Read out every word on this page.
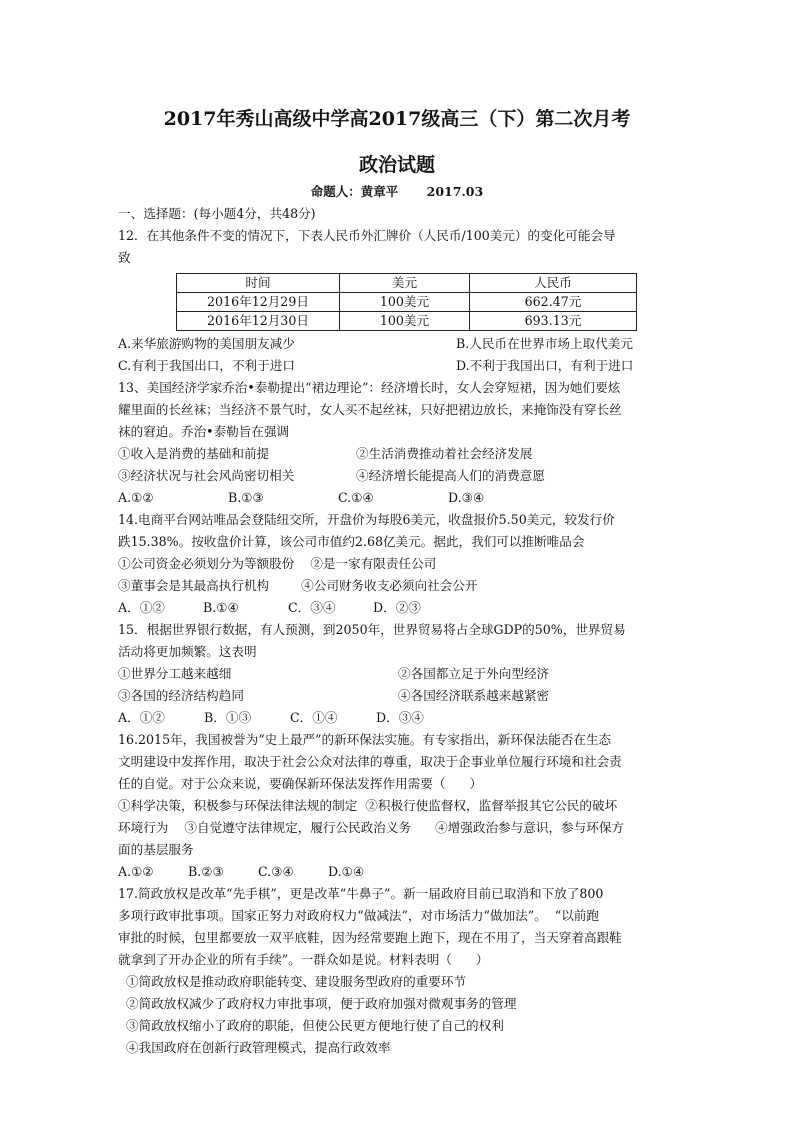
2017年秀山高级中学高2017级高三（下）第二次月考
政治试题
命题人：黄章平 2017.03
一、选择题：(每小题4分，共48分)
12．在其他条件不变的情况下，下表人民币外汇牌价（人民币/100美元）的变化可能会导
致
时间	美元	人民币
2016年12月29日	100美元	662.47元
2016年12月30日	100美元	693.13元
A.来华旅游购物的美国朋友减少	B.人民币在世界市场上取代美元
C.有利于我国出口，不利于进口	D.不利于我国出口，有利于进口
13、美国经济学家乔治•泰勒提出“裙边理论”：经济增长时，女人会穿短裙，因为她们要炫
耀里面的长丝袜；当经济不景气时，女人买不起丝袜，只好把裙边放长，来掩饰没有穿长丝
袜的窘迫。乔治•泰勒旨在强调
①收入是消费的基础和前提	②生活消费推动着社会经济发展
③经济状况与社会风尚密切相关	④经济增长能提高人们的消费意愿
A.①②	B.①③	C.①④	D.③④
14.电商平台网站唯品会登陆纽交所，开盘价为每股6美元，收盘报价5.50美元，较发行价
跌15.38%。按收盘价计算，该公司市值约2.68亿美元。据此，我们可以推断唯品会
①公司资金必须划分为等额股份    ②是一家有限责任公司
③董事会是其最高执行机构        ④公司财务收支必须向社会公开
A．①②	B.①④	C．③④	D．②③
15．根据世界银行数据，有人预测，到2050年，世界贸易将占全球GDP的50%，世界贸易
活动将更加频繁。这表明
①世界分工越来越细	②各国都立足于外向型经济
③各国的经济结构趋同	④各国经济联系越来越紧密
A．①②	B．①③	C．①④	D．③④
16.2015年，我国被誉为“史上最严”的新环保法实施。有专家指出，新环保法能否在生态
文明建设中发挥作用，取决于社会公众对法律的尊重，取决于企事业单位履行环境和社会责
任的自觉。对于公众来说，要确保新环保法发挥作用需要（      ）
①科学决策，积极参与环保法律法规的制定  ②积极行使监督权，监督举报其它公民的破坏
环境行为    ③自觉遵守法律规定，履行公民政治义务      ④增强政治参与意识，参与环保方
面的基层服务
A.①②	B.②③	C.③④	D.①④
17.简政放权是改革“先手棋”，更是改革“牛鼻子”。新一届政府目前已取消和下放了800
多项行政审批事项。国家正努力对政府权力“做减法”，对市场活力“做加法”。  “以前跑
审批的时候，包里都要放一双平底鞋，因为经常要跑上跑下，现在不用了，当天穿着高跟鞋
就拿到了开办企业的所有手续”。一群众如是说。材料表明（      ）
①简政放权是推动政府职能转变、建设服务型政府的重要环节
②简政放权减少了政府权力审批事项，便于政府加强对微观事务的管理
③简政放权缩小了政府的职能，但使公民更方便地行使了自己的权利
④我国政府在创新行政管理模式，提高行政效率
